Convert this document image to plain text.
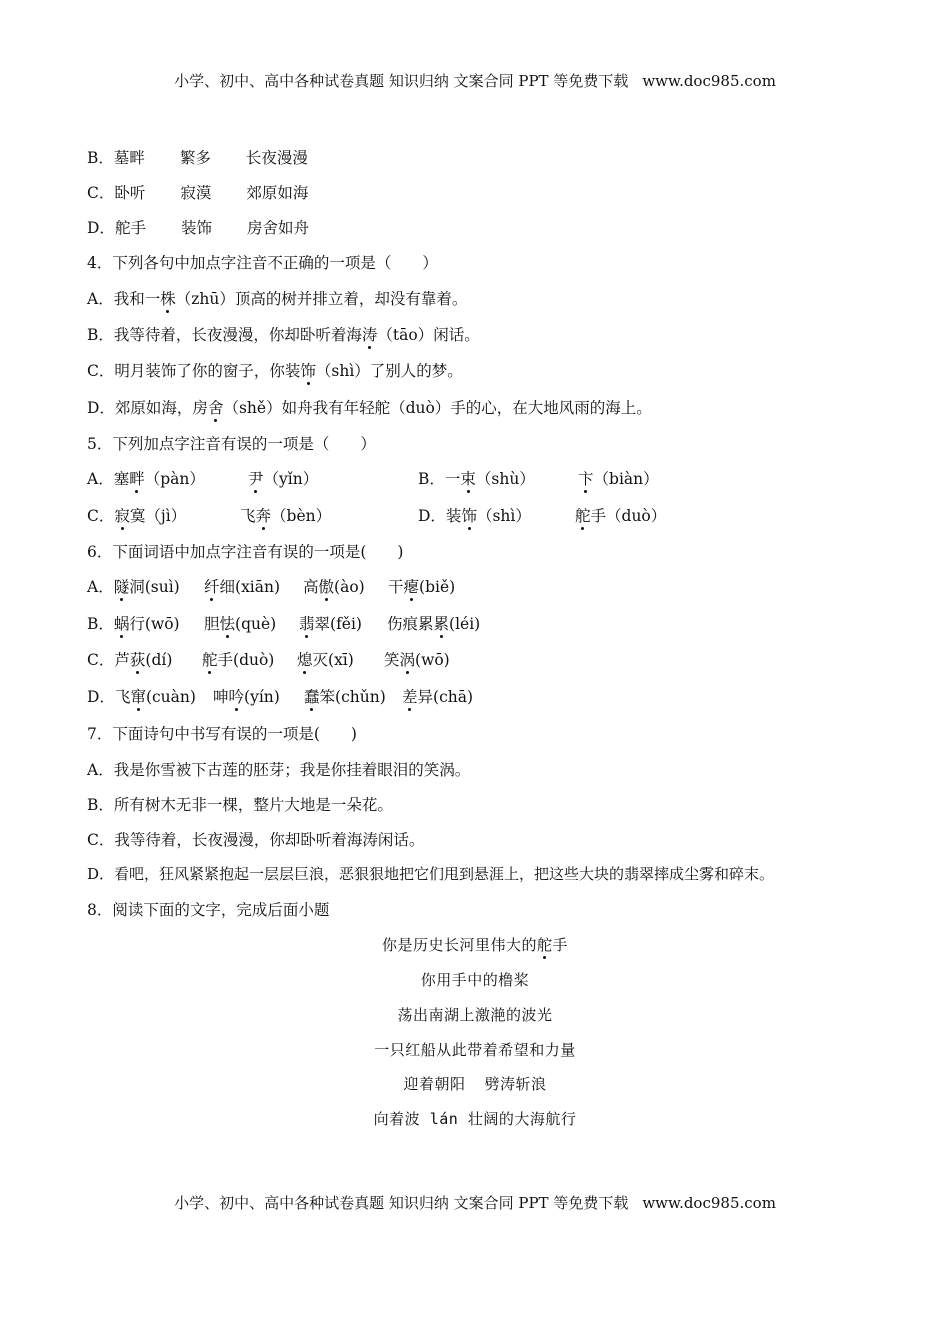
小学、初中、高中各种试卷真题 知识归纳 文案合同 PPT 等免费下载 www.doc985.com
B．墓畔 繁多 长夜漫漫
C．卧听 寂漠 郊原如海
D．舵手 装饰 房舍如舟
4．下列各句中加点字注音不正确的一项是（　　）
A．我和一株（zhū）顶高的树并排立着，却没有靠着。
B．我等待着，长夜漫漫，你却卧听着海涛（tāo）闲话。
C．明月装饰了你的窗子，你装饰（shì）了别人的梦。
D．郊原如海，房舍（shě）如舟我有年轻舵（duò）手的心，在大地风雨的海上。
5．下列加点字注音有误的一项是（　　）
A．塞畔（pàn）	尹（yǐn）	B．一束（shù）	卞（biàn）
C．寂寞（jì）	飞奔（bèn）	D．装饰（shì）	舵手（duò）
6．下面词语中加点字注音有误的一项是(　　)
A．隧洞(suì) 纤细(xiān) 高傲(ào) 干瘪(biě)
B．蜗行(wō) 胆怯(què) 翡翠(fěi) 伤痕累累(léi)
C．芦荻(dí) 舵手(duò) 熄灭(xī) 笑涡(wō)
D．飞窜(cuàn) 呻吟(yín) 蠢笨(chǔn) 差异(chā)
7．下面诗句中书写有误的一项是(　　)
A．我是你雪被下古莲的胚芽；我是你挂着眼泪的笑涡。
B．所有树木无非一棵，整片大地是一朵花。
C．我等待着，长夜漫漫，你却卧听着海涛闲话。
D．看吧，狂风紧紧抱起一层层巨浪，恶狠狠地把它们甩到悬涯上，把这些大块的翡翠摔成尘雾和碎末。
8．阅读下面的文字，完成后面小题
你是历史长河里伟大的舵手
你用手中的橹桨
荡出南湖上激滟的波光
一只红船从此带着希望和力量
迎着朝阳  劈涛斩浪
向着波 lán 壮阔的大海航行
小学、初中、高中各种试卷真题 知识归纳 文案合同 PPT 等免费下载 www.doc985.com
